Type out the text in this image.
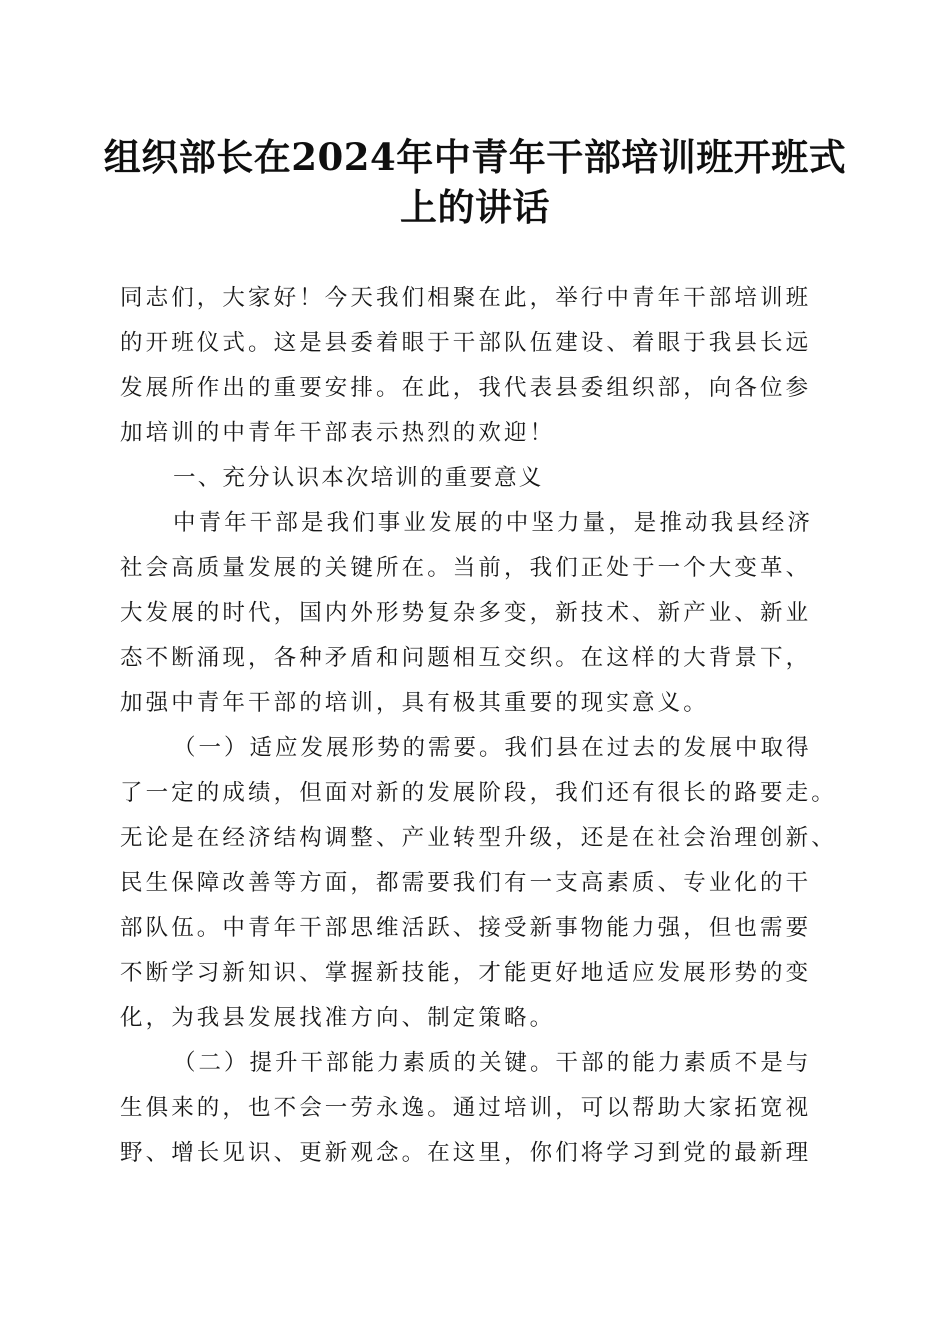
组织部长在2024年中青年干部培训班开班式
上的讲话
同志们，大家好！今天我们相聚在此，举行中青年干部培训班
的开班仪式。这是县委着眼于干部队伍建设、着眼于我县长远
发展所作出的重要安排。在此，我代表县委组织部，向各位参
加培训的中青年干部表示热烈的欢迎！
一、充分认识本次培训的重要意义
中青年干部是我们事业发展的中坚力量，是推动我县经济
社会高质量发展的关键所在。当前，我们正处于一个大变革、
大发展的时代，国内外形势复杂多变，新技术、新产业、新业
态不断涌现，各种矛盾和问题相互交织。在这样的大背景下，
加强中青年干部的培训，具有极其重要的现实意义。
（一）适应发展形势的需要。我们县在过去的发展中取得
了一定的成绩，但面对新的发展阶段，我们还有很长的路要走。
无论是在经济结构调整、产业转型升级，还是在社会治理创新、
民生保障改善等方面，都需要我们有一支高素质、专业化的干
部队伍。中青年干部思维活跃、接受新事物能力强，但也需要
不断学习新知识、掌握新技能，才能更好地适应发展形势的变
化，为我县发展找准方向、制定策略。
（二）提升干部能力素质的关键。干部的能力素质不是与
生俱来的，也不会一劳永逸。通过培训，可以帮助大家拓宽视
野、增长见识、更新观念。在这里，你们将学习到党的最新理
